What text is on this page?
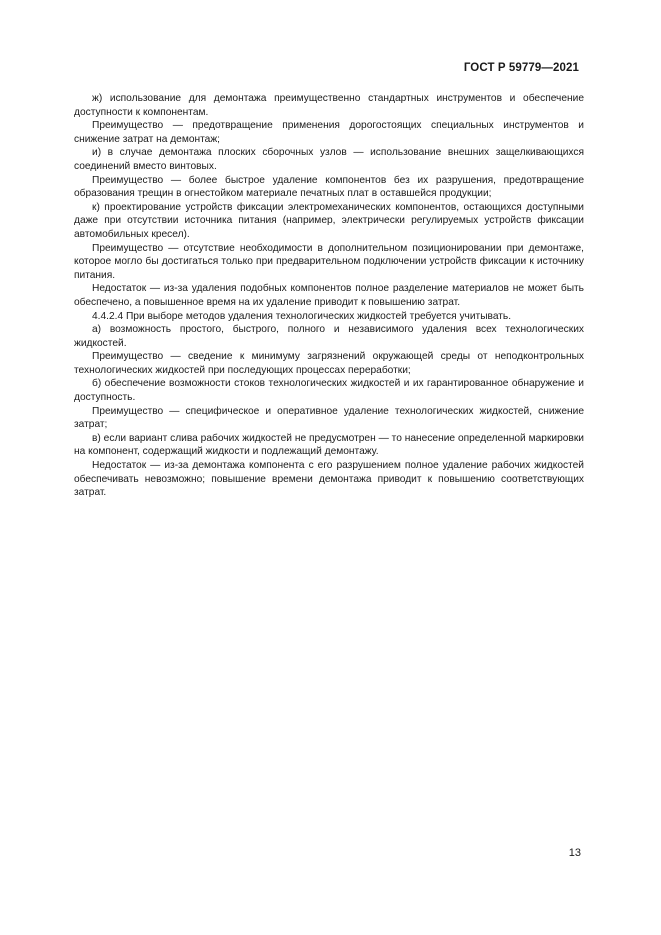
ГОСТ Р 59779—2021

ж) использование для демонтажа преимущественно стандартных инструментов и обеспечение доступности к компонентам.

Преимущество — предотвращение применения дорогостоящих специальных инструментов и снижение затрат на демонтаж;

и) в случае демонтажа плоских сборочных узлов — использование внешних защелкивающихся соединений вместо винтовых.

Преимущество — более быстрое удаление компонентов без их разрушения, предотвращение образования трещин в огнестойком материале печатных плат в оставшейся продукции;

к) проектирование устройств фиксации электромеханических компонентов, остающихся доступными даже при отсутствии источника питания (например, электрически регулируемых устройств фиксации автомобильных кресел).

Преимущество — отсутствие необходимости в дополнительном позиционировании при демонтаже, которое могло бы достигаться только при предварительном подключении устройств фиксации к источнику питания.

Недостаток — из-за удаления подобных компонентов полное разделение материалов не может быть обеспечено, а повышенное время на их удаление приводит к повышению затрат.

4.4.2.4 При выборе методов удаления технологических жидкостей требуется учитывать.

а) возможность простого, быстрого, полного и независимого удаления всех технологических жидкостей.

Преимущество — сведение к минимуму загрязнений окружающей среды от неподконтрольных технологических жидкостей при последующих процессах переработки;

б) обеспечение возможности стоков технологических жидкостей и их гарантированное обнаружение и доступность.

Преимущество — специфическое и оперативное удаление технологических жидкостей, снижение затрат;

в) если вариант слива рабочих жидкостей не предусмотрен — то нанесение определенной маркировки на компонент, содержащий жидкости и подлежащий демонтажу.

Недостаток — из-за демонтажа компонента с его разрушением полное удаление рабочих жидкостей обеспечивать невозможно; повышение времени демонтажа приводит к повышению соответствующих затрат.

13
